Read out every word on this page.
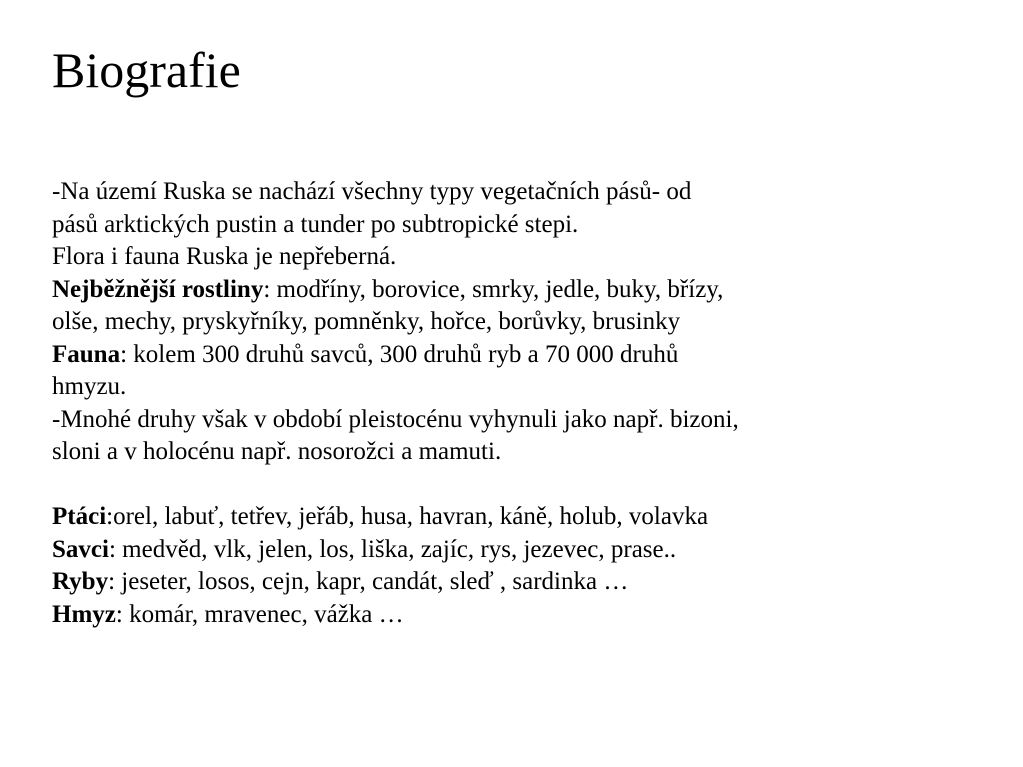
Biografie

-Na území Ruska se nachází všechny typy vegetačních pásů- od

pásů arktických pustin a tunder po subtropické stepi.

Flora i fauna Ruska je nepřeberná.

Nejběžnější rostliny: modříny, borovice, smrky, jedle, buky, břízy,

olše, mechy, pryskyřníky, pomněnky, hořce, borůvky, brusinky

Fauna: kolem 300 druhů savců, 300 druhů ryb a 70 000 druhů

hmyzu.

-Mnohé druhy však v období pleistocénu vyhynuli jako např. bizoni,

sloni a v holocénu např. nosorožci a mamuti.

Ptáci:orel, labuť, tetřev, jeřáb, husa, havran, káně, holub, volavka

Savci: medvěd, vlk, jelen, los, liška, zajíc, rys, jezevec, prase..

Ryby: jeseter, losos, cejn, kapr, candát, sleď , sardinka …

Hmyz: komár, mravenec, vážka …
